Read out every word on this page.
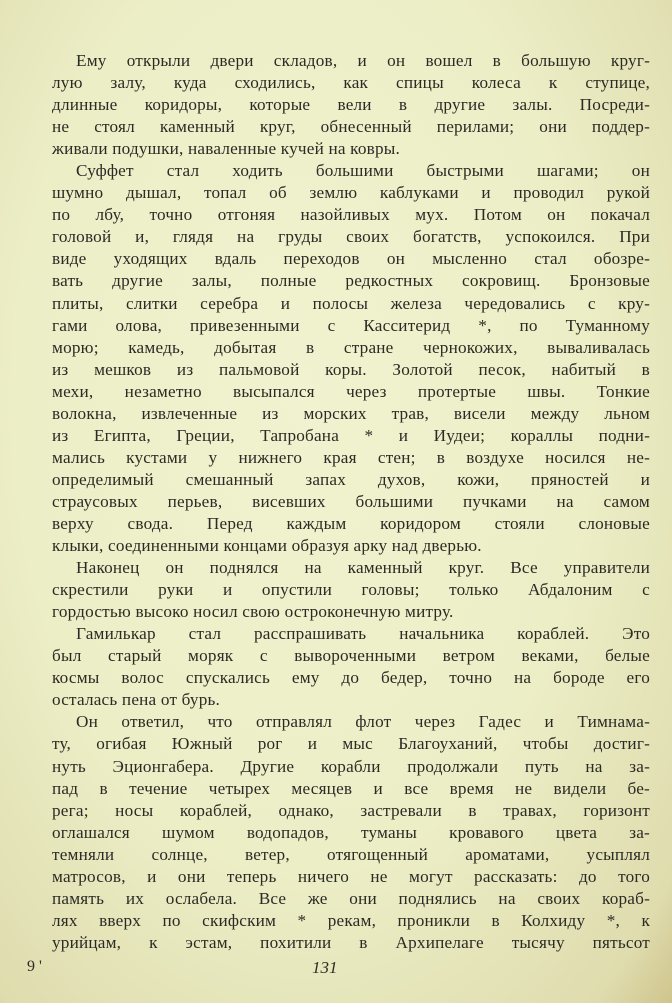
Ему открыли двери складов, и он вошел в большую круг-
лую залу, куда сходились, как спицы колеса к ступице,
длинные коридоры, которые вели в другие залы. Посреди-
не стоял каменный круг, обнесенный перилами; они поддер-
живали подушки, наваленные кучей на ковры.
Суффет стал ходить большими быстрыми шагами; он
шумно дышал, топал об землю каблуками и проводил рукой
по лбу, точно отгоняя назойливых мух. Потом он покачал
головой и, глядя на груды своих богатств, успокоился. При
виде уходящих вдаль переходов он мысленно стал обозре-
вать другие залы, полные редкостных сокровищ. Бронзовые
плиты, слитки серебра и полосы железа чередовались с кру-
гами олова, привезенными с Касситерид *, по Туманному
морю; камедь, добытая в стране чернокожих, вываливалась
из мешков из пальмовой коры. Золотой песок, набитый в
мехи, незаметно высыпался через протертые швы. Тонкие
волокна, извлеченные из морских трав, висели между льном
из Египта, Греции, Тапробана * и Иудеи; кораллы подни-
мались кустами у нижнего края стен; в воздухе носился не-
определимый смешанный запах духов, кожи, пряностей и
страусовых перьев, висевших большими пучками на самом
верху свода. Перед каждым коридором стояли слоновые
клыки, соединенными концами образуя арку над дверью.
Наконец он поднялся на каменный круг. Все управители
скрестили руки и опустили головы; только Абдалоним с
гордостью высоко носил свою остроконечную митру.
Гамилькар стал расспрашивать начальника кораблей. Это
был старый моряк с вывороченными ветром веками, белые
космы волос спускались ему до бедер, точно на бороде его
осталась пена от бурь.
Он ответил, что отправлял флот через Гадес и Тимнама-
ту, огибая Южный рог и мыс Благоуханий, чтобы достиг-
нуть Эционгабера. Другие корабли продолжали путь на за-
пад в течение четырех месяцев и все время не видели бе-
рега; носы кораблей, однако, застревали в травах, горизонт
оглашался шумом водопадов, туманы кровавого цвета за-
темняли солнце, ветер, отягощенный ароматами, усыплял
матросов, и они теперь ничего не могут рассказать: до того
память их ослабела. Все же они поднялись на своих кораб-
лях вверх по скифским * рекам, проникли в Колхиду *, к
урийцам, к эстам, похитили в Архипелаге тысячу пятьсот
9 '	131
